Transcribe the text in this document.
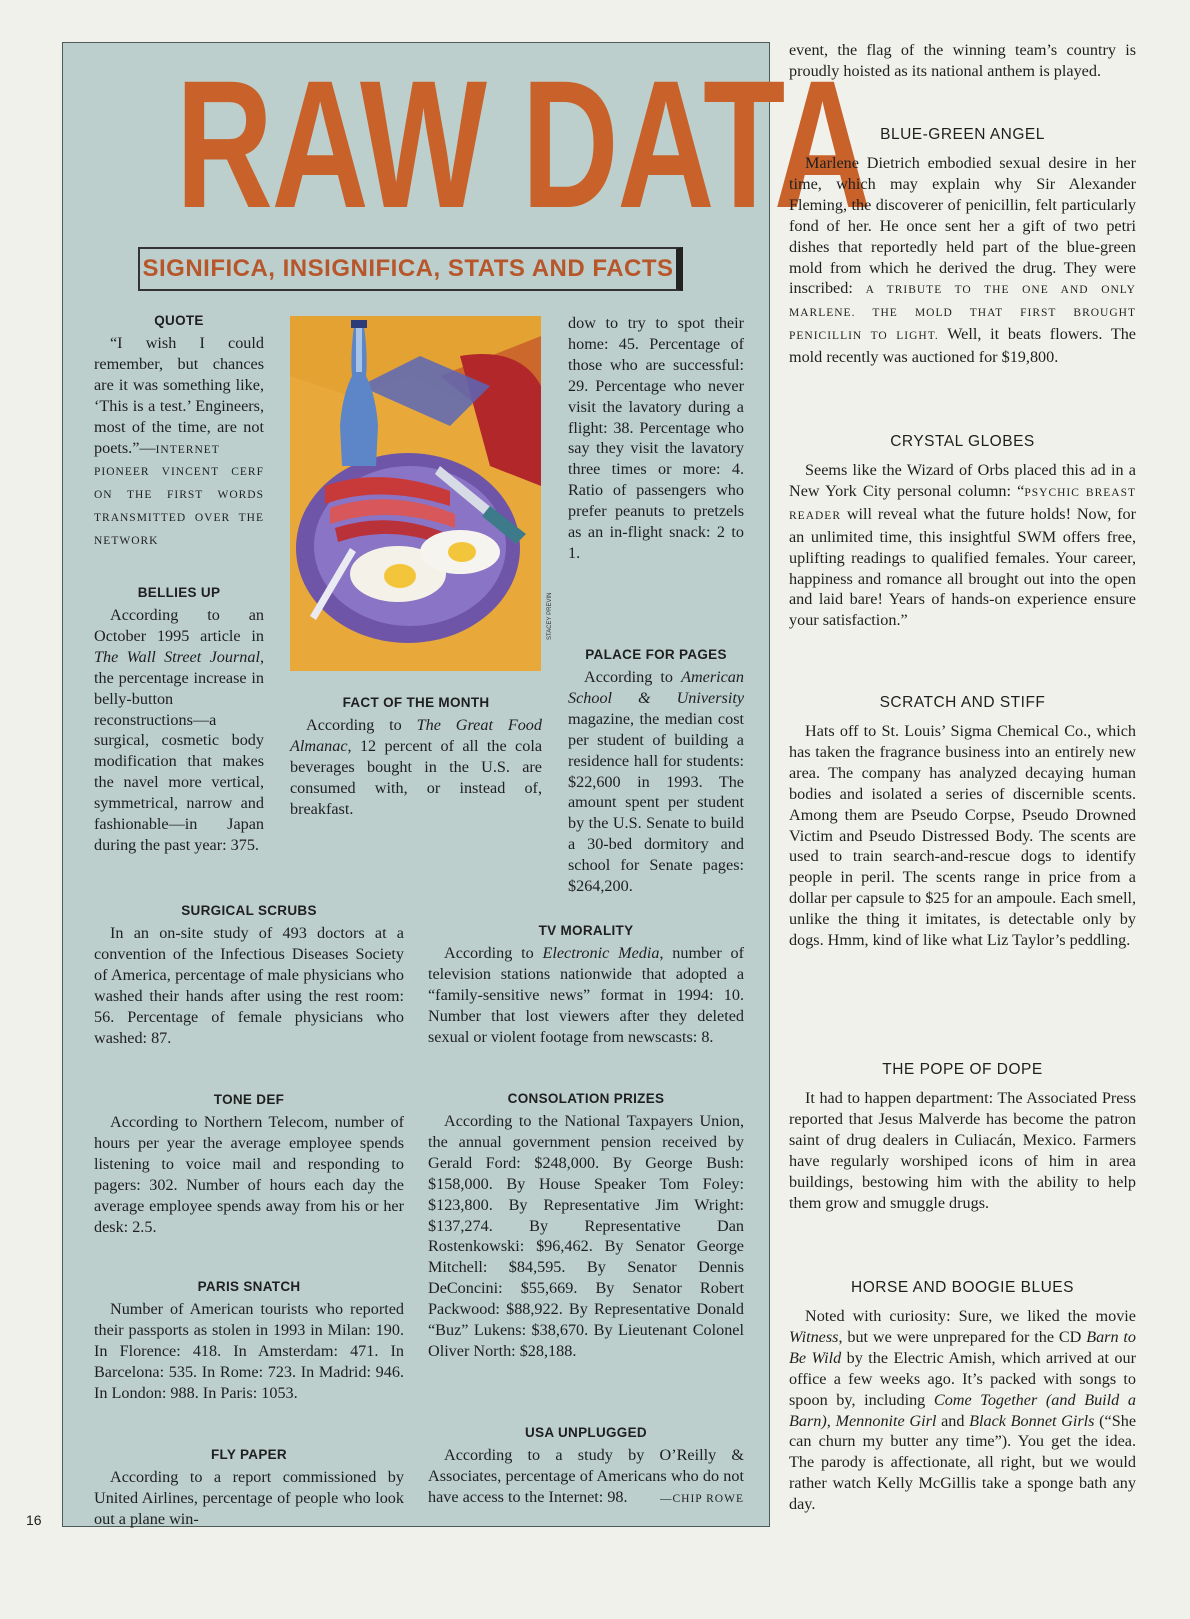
RAW DATA
SIGNIFICA, INSIGNIFICA, STATS AND FACTS
STACEY PREVIN
QUOTE

“I wish I could remember, but chances are it was something like, ‘This is a test.’ Engineers, most of the time, are not poets.”—INTERNET PIONEER VINCENT CERF ON THE FIRST WORDS TRANSMITTED OVER THE NETWORK

BELLIES UP

According to an October 1995 article in The Wall Street Journal, the percentage increase in belly-button reconstructions—a surgical, cosmetic body modification that makes the navel more vertical, symmetrical, narrow and fashionable—in Japan during the past year: 375.

FACT OF THE MONTH

According to The Great Food Almanac, 12 percent of all the cola beverages bought in the U.S. are consumed with, or instead of, breakfast.

dow to try to spot their home: 45. Percentage of those who are successful: 29. Percentage who never visit the lavatory during a flight: 38. Percentage who say they visit the lavatory three times or more: 4. Ratio of passengers who prefer peanuts to pretzels as an in-flight snack: 2 to 1.

PALACE FOR PAGES

According to American School & University magazine, the median cost per student of building a residence hall for students: $22,600 in 1993. The amount spent per student by the U.S. Senate to build a 30-bed dormitory and school for Senate pages: $264,200.

SURGICAL SCRUBS

In an on-site study of 493 doctors at a convention of the Infectious Diseases Society of America, percentage of male physicians who washed their hands after using the rest room: 56. Percentage of female physicians who washed: 87.

TV MORALITY

According to Electronic Media, number of television stations nationwide that adopted a “family-sensitive news” format in 1994: 10. Number that lost viewers after they deleted sexual or violent footage from newscasts: 8.

TONE DEF

According to Northern Telecom, number of hours per year the average employee spends listening to voice mail and responding to pagers: 302. Number of hours each day the average employee spends away from his or her desk: 2.5.

CONSOLATION PRIZES

According to the National Taxpayers Union, the annual government pension received by Gerald Ford: $248,000. By George Bush: $158,000. By House Speaker Tom Foley: $123,800. By Representative Jim Wright: $137,274. By Representative Dan Rostenkowski: $96,462. By Senator George Mitchell: $84,595. By Senator Dennis DeConcini: $55,669. By Senator Robert Packwood: $88,922. By Representative Donald “Buz” Lukens: $38,670. By Lieutenant Colonel Oliver North: $28,188.

PARIS SNATCH

Number of American tourists who reported their passports as stolen in 1993 in Milan: 190. In Florence: 418. In Amsterdam: 471. In Barcelona: 535. In Rome: 723. In Madrid: 946. In London: 988. In Paris: 1053.

USA UNPLUGGED

According to a study by O’Reilly & Associates, percentage of Americans who do not have access to the Internet: 98.	—CHIP ROWE

FLY PAPER

According to a report commissioned by United Airlines, percentage of people who look out a plane win-

event, the flag of the winning team’s country is proudly hoisted as its national anthem is played.

BLUE-GREEN ANGEL

Marlene Dietrich embodied sexual desire in her time, which may explain why Sir Alexander Fleming, the discoverer of penicillin, felt particularly fond of her. He once sent her a gift of two petri dishes that reportedly held part of the blue-green mold from which he derived the drug. They were inscribed: A TRIBUTE TO THE ONE AND ONLY MARLENE. THE MOLD THAT FIRST BROUGHT PENICILLIN TO LIGHT. Well, it beats flowers. The mold recently was auctioned for $19,800.

CRYSTAL GLOBES

Seems like the Wizard of Orbs placed this ad in a New York City personal column: “PSYCHIC BREAST READER will reveal what the future holds! Now, for an unlimited time, this insightful SWM offers free, uplifting readings to qualified females. Your career, happiness and romance all brought out into the open and laid bare! Years of hands-on experience ensure your satisfaction.”

SCRATCH AND STIFF

Hats off to St. Louis’ Sigma Chemical Co., which has taken the fragrance business into an entirely new area. The company has analyzed decaying human bodies and isolated a series of discernible scents. Among them are Pseudo Corpse, Pseudo Drowned Victim and Pseudo Distressed Body. The scents are used to train search-and-rescue dogs to identify people in peril. The scents range in price from a dollar per capsule to $25 for an ampoule. Each smell, unlike the thing it imitates, is detectable only by dogs. Hmm, kind of like what Liz Taylor’s peddling.

THE POPE OF DOPE

It had to happen department: The Associated Press reported that Jesus Malverde has become the patron saint of drug dealers in Culiacán, Mexico. Farmers have regularly worshiped icons of him in area buildings, bestowing him with the ability to help them grow and smuggle drugs.

HORSE AND BOOGIE BLUES

Noted with curiosity: Sure, we liked the movie Witness, but we were unprepared for the CD Barn to Be Wild by the Electric Amish, which arrived at our office a few weeks ago. It’s packed with songs to spoon by, including Come Together (and Build a Barn), Mennonite Girl and Black Bonnet Girls (“She can churn my butter any time”). You get the idea. The parody is affectionate, all right, but we would rather watch Kelly McGillis take a sponge bath any day.

16
